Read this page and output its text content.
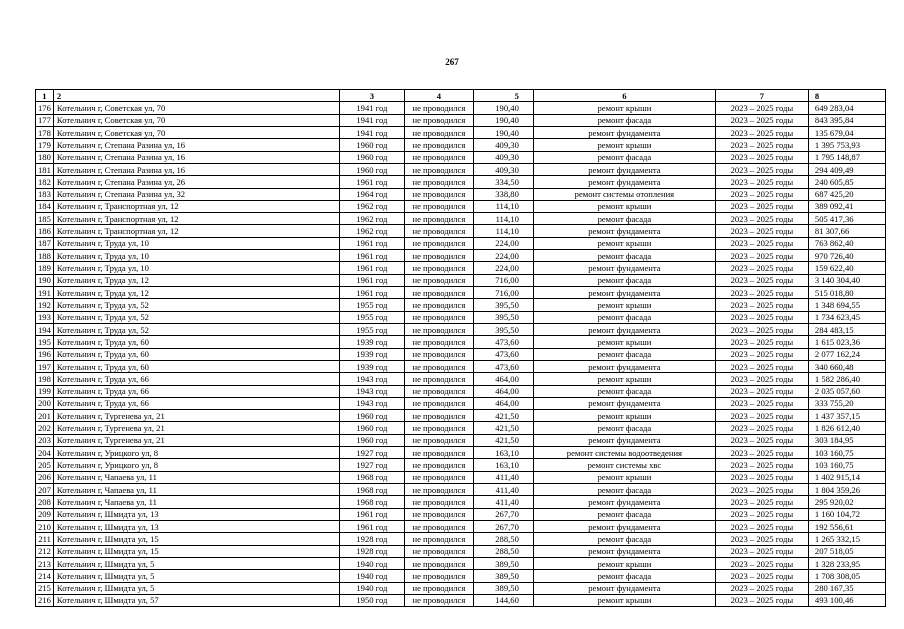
267
1	2	3	4	5	6	7	8
176	Котельнич г, Советская ул, 70	1941 год	не проводился	190,40	ремонт крыши	2023 – 2025 годы	649 283,04
177	Котельнич г, Советская ул, 70	1941 год	не проводился	190,40	ремонт фасада	2023 – 2025 годы	843 395,84
178	Котельнич г, Советская ул, 70	1941 год	не проводился	190,40	ремонт фундамента	2023 – 2025 годы	135 679,04
179	Котельнич г, Степана Разина ул, 16	1960 год	не проводился	409,30	ремонт крыши	2023 – 2025 годы	1 395 753,93
180	Котельнич г, Степана Разина ул, 16	1960 год	не проводился	409,30	ремонт фасада	2023 – 2025 годы	1 795 148,87
181	Котельнич г, Степана Разина ул, 16	1960 год	не проводился	409,30	ремонт фундамента	2023 – 2025 годы	294 409,49
182	Котельнич г, Степана Разина ул, 26	1961 год	не проводился	334,50	ремонт фундамента	2023 – 2025 годы	240 605,85
183	Котельнич г, Степана Разина ул, 32	1964 год	не проводился	338,80	ремонт системы отопления	2023 – 2025 годы	687 425,20
184	Котельнич г, Транспортная ул, 12	1962 год	не проводился	114,10	ремонт крыши	2023 – 2025 годы	389 092,41
185	Котельнич г, Транспортная ул, 12	1962 год	не проводился	114,10	ремонт фасада	2023 – 2025 годы	505 417,36
186	Котельнич г, Транспортная ул, 12	1962 год	не проводился	114,10	ремонт фундамента	2023 – 2025 годы	81 307,66
187	Котельнич г, Труда ул, 10	1961 год	не проводился	224,00	ремонт крыши	2023 – 2025 годы	763 862,40
188	Котельнич г, Труда ул, 10	1961 год	не проводился	224,00	ремонт фасада	2023 – 2025 годы	970 726,40
189	Котельнич г, Труда ул, 10	1961 год	не проводился	224,00	ремонт фундамента	2023 – 2025 годы	159 622,40
190	Котельнич г, Труда ул, 12	1961 год	не проводился	716,00	ремонт фасада	2023 – 2025 годы	3 140 304,40
191	Котельнич г, Труда ул, 12	1961 год	не проводился	716,00	ремонт фундамента	2023 – 2025 годы	515 018,80
192	Котельнич г, Труда ул, 52	1955 год	не проводился	395,50	ремонт крыши	2023 – 2025 годы	1 348 694,55
193	Котельнич г, Труда ул, 52	1955 год	не проводился	395,50	ремонт фасада	2023 – 2025 годы	1 734 623,45
194	Котельнич г, Труда ул, 52	1955 год	не проводился	395,50	ремонт фундамента	2023 – 2025 годы	284 483,15
195	Котельнич г, Труда ул, 60	1939 год	не проводился	473,60	ремонт крыши	2023 – 2025 годы	1 615 023,36
196	Котельнич г, Труда ул, 60	1939 год	не проводился	473,60	ремонт фасада	2023 – 2025 годы	2 077 162,24
197	Котельнич г, Труда ул, 60	1939 год	не проводился	473,60	ремонт фундамента	2023 – 2025 годы	340 660,48
198	Котельнич г, Труда ул, 66	1943 год	не проводился	464,00	ремонт крыши	2023 – 2025 годы	1 582 286,40
199	Котельнич г, Труда ул, 66	1943 год	не проводился	464,00	ремонт фасада	2023 – 2025 годы	2 035 057,60
200	Котельнич г, Труда ул, 66	1943 год	не проводился	464,00	ремонт фундамента	2023 – 2025 годы	333 755,20
201	Котельнич г, Тургенева ул, 21	1960 год	не проводился	421,50	ремонт крыши	2023 – 2025 годы	1 437 357,15
202	Котельнич г, Тургенева ул, 21	1960 год	не проводился	421,50	ремонт фасада	2023 – 2025 годы	1 826 612,40
203	Котельнич г, Тургенева ул, 21	1960 год	не проводился	421,50	ремонт фундамента	2023 – 2025 годы	303 184,95
204	Котельнич г, Урицкого ул, 8	1927 год	не проводился	163,10	ремонт системы водоотведения	2023 – 2025 годы	103 160,75
205	Котельнич г, Урицкого ул, 8	1927 год	не проводился	163,10	ремонт системы хвс	2023 – 2025 годы	103 160,75
206	Котельнич г, Чапаева ул, 11	1968 год	не проводился	411,40	ремонт крыши	2023 – 2025 годы	1 402 915,14
207	Котельнич г, Чапаева ул, 11	1968 год	не проводился	411,40	ремонт фасада	2023 – 2025 годы	1 804 359,26
208	Котельнич г, Чапаева ул, 11	1968 год	не проводился	411,40	ремонт фундамента	2023 – 2025 годы	295 920,02
209	Котельнич г, Шмидта ул, 13	1961 год	не проводился	267,70	ремонт фасада	2023 – 2025 годы	1 160 104,72
210	Котельнич г, Шмидта ул, 13	1961 год	не проводился	267,70	ремонт фундамента	2023 – 2025 годы	192 556,61
211	Котельнич г, Шмидта ул, 15	1928 год	не проводился	288,50	ремонт фасада	2023 – 2025 годы	1 265 332,15
212	Котельнич г, Шмидта ул, 15	1928 год	не проводился	288,50	ремонт фундамента	2023 – 2025 годы	207 518,05
213	Котельнич г, Шмидта ул, 5	1940 год	не проводился	389,50	ремонт крыши	2023 – 2025 годы	1 328 233,95
214	Котельнич г, Шмидта ул, 5	1940 год	не проводился	389,50	ремонт фасада	2023 – 2025 годы	1 708 308,05
215	Котельнич г, Шмидта ул, 5	1940 год	не проводился	389,50	ремонт фундамента	2023 – 2025 годы	280 167,35
216	Котельнич г, Шмидта ул, 57	1950 год	не проводился	144,60	ремонт крыши	2023 – 2025 годы	493 100,46
